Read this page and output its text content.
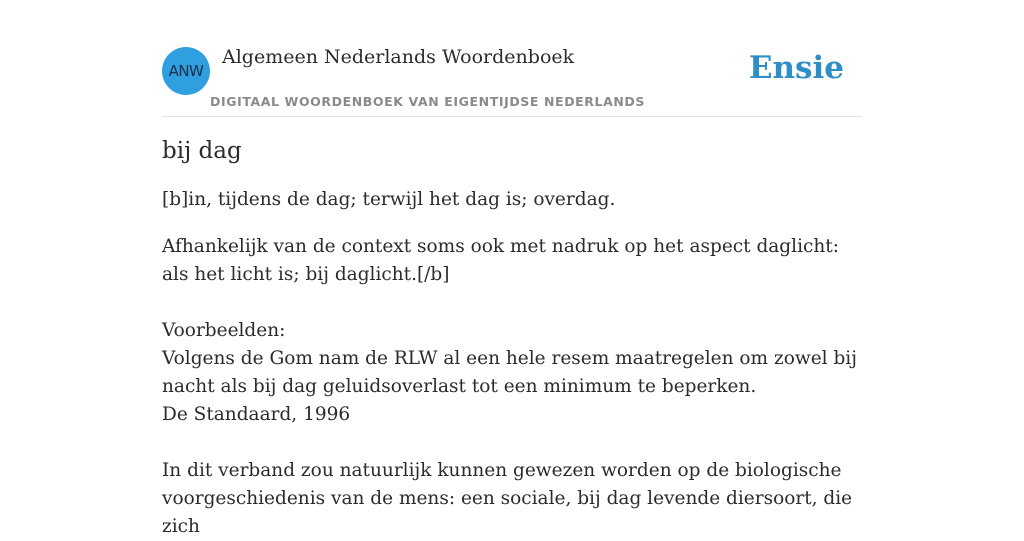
ANW
Algemeen Nederlands Woordenboek
DIGITAAL WOORDENBOEK VAN EIGENTIJDSE NEDERLANDS
Ensie
bij dag

[b]in, tijdens de dag; terwijl het dag is; overdag.

Afhankelijk van de context soms ook met nadruk op het aspect daglicht: als het licht is; bij daglicht.[/b]

Voorbeelden:
Volgens de Gom nam de RLW al een hele resem maatregelen om zowel bij nacht als bij dag geluidsoverlast tot een minimum te beperken.
De Standaard, 1996

In dit verband zou natuurlijk kunnen gewezen worden op de biologische voorgeschiedenis van de mens: een sociale, bij dag levende diersoort, die zich
